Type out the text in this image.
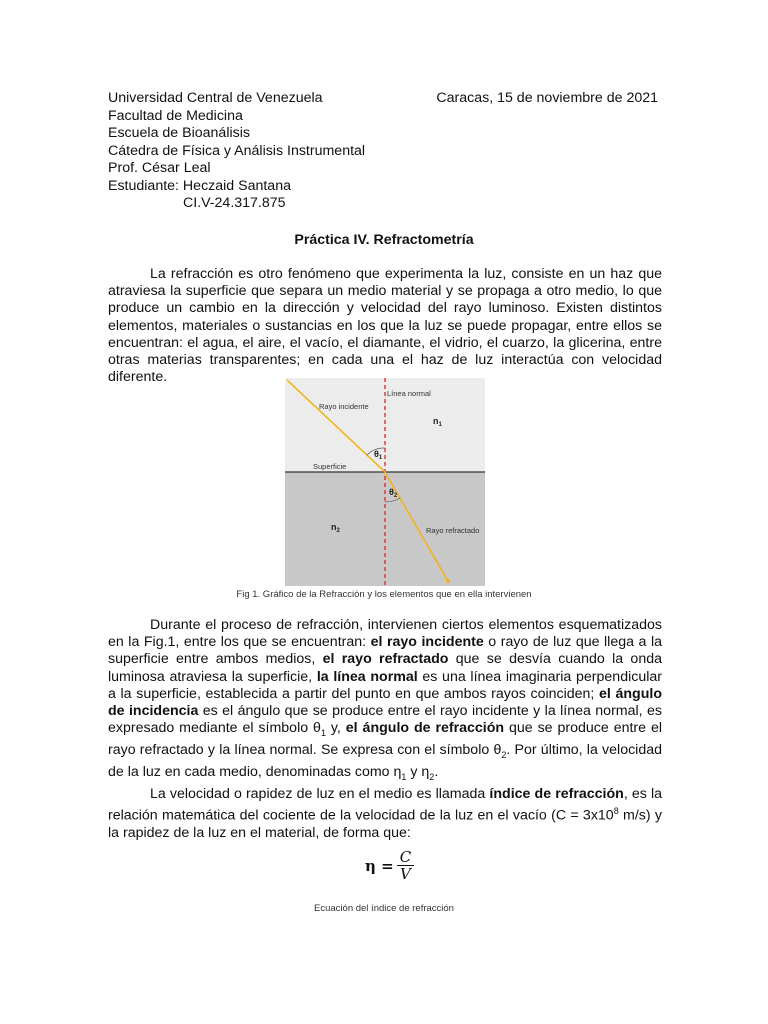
Universidad Central de Venezuela
Facultad de Medicina
Escuela de Bioanálisis
Cátedra de Física y Análisis Instrumental
Prof. César Leal
Estudiante: Heczaid Santana
CI.V-24.317.875
Caracas, 15 de noviembre de 2021
Práctica IV. Refractometría

La refracción es otro fenómeno que experimenta la luz, consiste en un haz que atraviesa la superficie que separa un medio material y se propaga a otro medio, lo que produce un cambio en la dirección y velocidad del rayo luminoso. Existen distintos elementos, materiales o sustancias en los que la luz se puede propagar, entre ellos se encuentran: el agua, el aire, el vacío, el diamante, el vidrio, el cuarzo, la glicerina, entre otras materias transparentes; en cada una el haz de luz interactúa con velocidad diferente.

Línea normal
Rayo incidente
Superficie
Rayo refractado
$n_1$
$n_2$
$\theta_1$
$\theta_2$
Fig 1. Gráfico de la Refracción y los elementos que en ella intervienen

Durante el proceso de refracción, intervienen ciertos elementos esquematizados en la Fig.1, entre los que se encuentran: el rayo incidente o rayo de luz que llega a la superficie entre ambos medios, el rayo refractado que se desvía cuando la onda luminosa atraviesa la superficie, la línea normal es una línea imaginaria perpendicular a la superficie, establecida a partir del punto en que ambos rayos coinciden; el ángulo de incidencia es el ángulo que se produce entre el rayo incidente y la línea normal, es expresado mediante el símbolo $\theta_1$ y, el ángulo de refracción que se produce entre el rayo refractado y la línea normal. Se expresa con el símbolo $\theta_2$. Por último, la velocidad de la luz en cada medio, denominadas como $\eta_1$ y $\eta_2$.

La velocidad o rapidez de luz en el medio es llamada índice de refracción, es la relación matemática del cociente de la velocidad de la luz en el vacío ($C = 3x10^8$ m/s) y la rapidez de la luz en el material, de forma que:

$\eta = \frac{C}{V}$
Ecuación del índice de refracción
